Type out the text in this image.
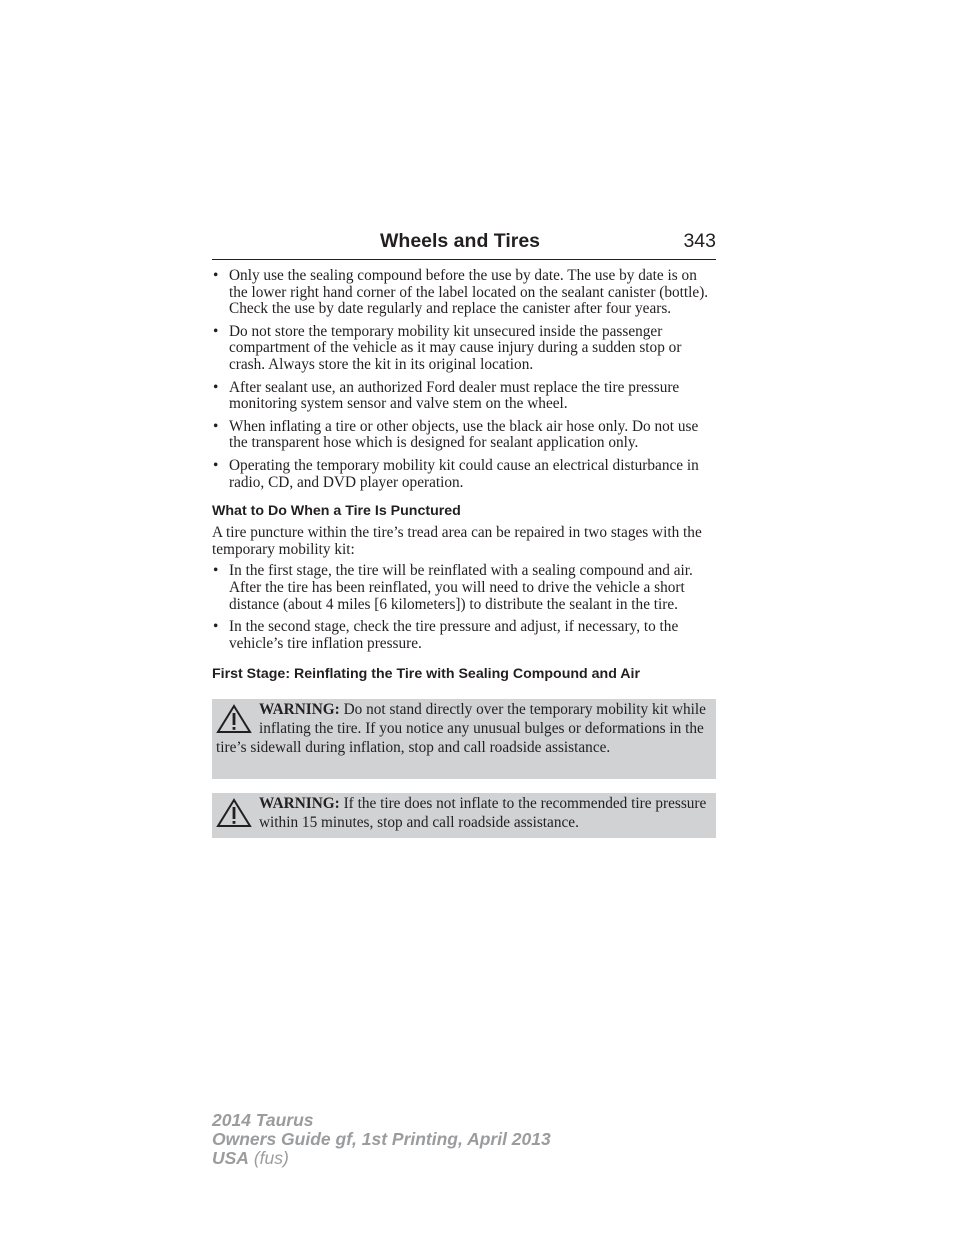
Wheels and Tires	343
• Only use the sealing compound before the use by date. The use by date is on the lower right hand corner of the label located on the sealant canister (bottle). Check the use by date regularly and replace the canister after four years.
• Do not store the temporary mobility kit unsecured inside the passenger compartment of the vehicle as it may cause injury during a sudden stop or crash. Always store the kit in its original location.
• After sealant use, an authorized Ford dealer must replace the tire pressure monitoring system sensor and valve stem on the wheel.
• When inflating a tire or other objects, use the black air hose only. Do not use the transparent hose which is designed for sealant application only.
• Operating the temporary mobility kit could cause an electrical disturbance in radio, CD, and DVD player operation.
What to Do When a Tire Is Punctured

A tire puncture within the tire’s tread area can be repaired in two stages with the temporary mobility kit:

• In the first stage, the tire will be reinflated with a sealing compound and air. After the tire has been reinflated, you will need to drive the vehicle a short distance (about 4 miles [6 kilometers]) to distribute the sealant in the tire.
• In the second stage, check the tire pressure and adjust, if necessary, to the vehicle’s tire inflation pressure.
First Stage: Reinflating the Tire with Sealing Compound and Air
WARNING: Do not stand directly over the temporary mobility kit while inflating the tire. If you notice any unusual bulges or deformations in the tire’s sidewall during inflation, stop and call roadside assistance.
WARNING: If the tire does not inflate to the recommended tire pressure within 15 minutes, stop and call roadside assistance.
2014 Taurus
Owners Guide gf, 1st Printing, April 2013
USA (fus)
